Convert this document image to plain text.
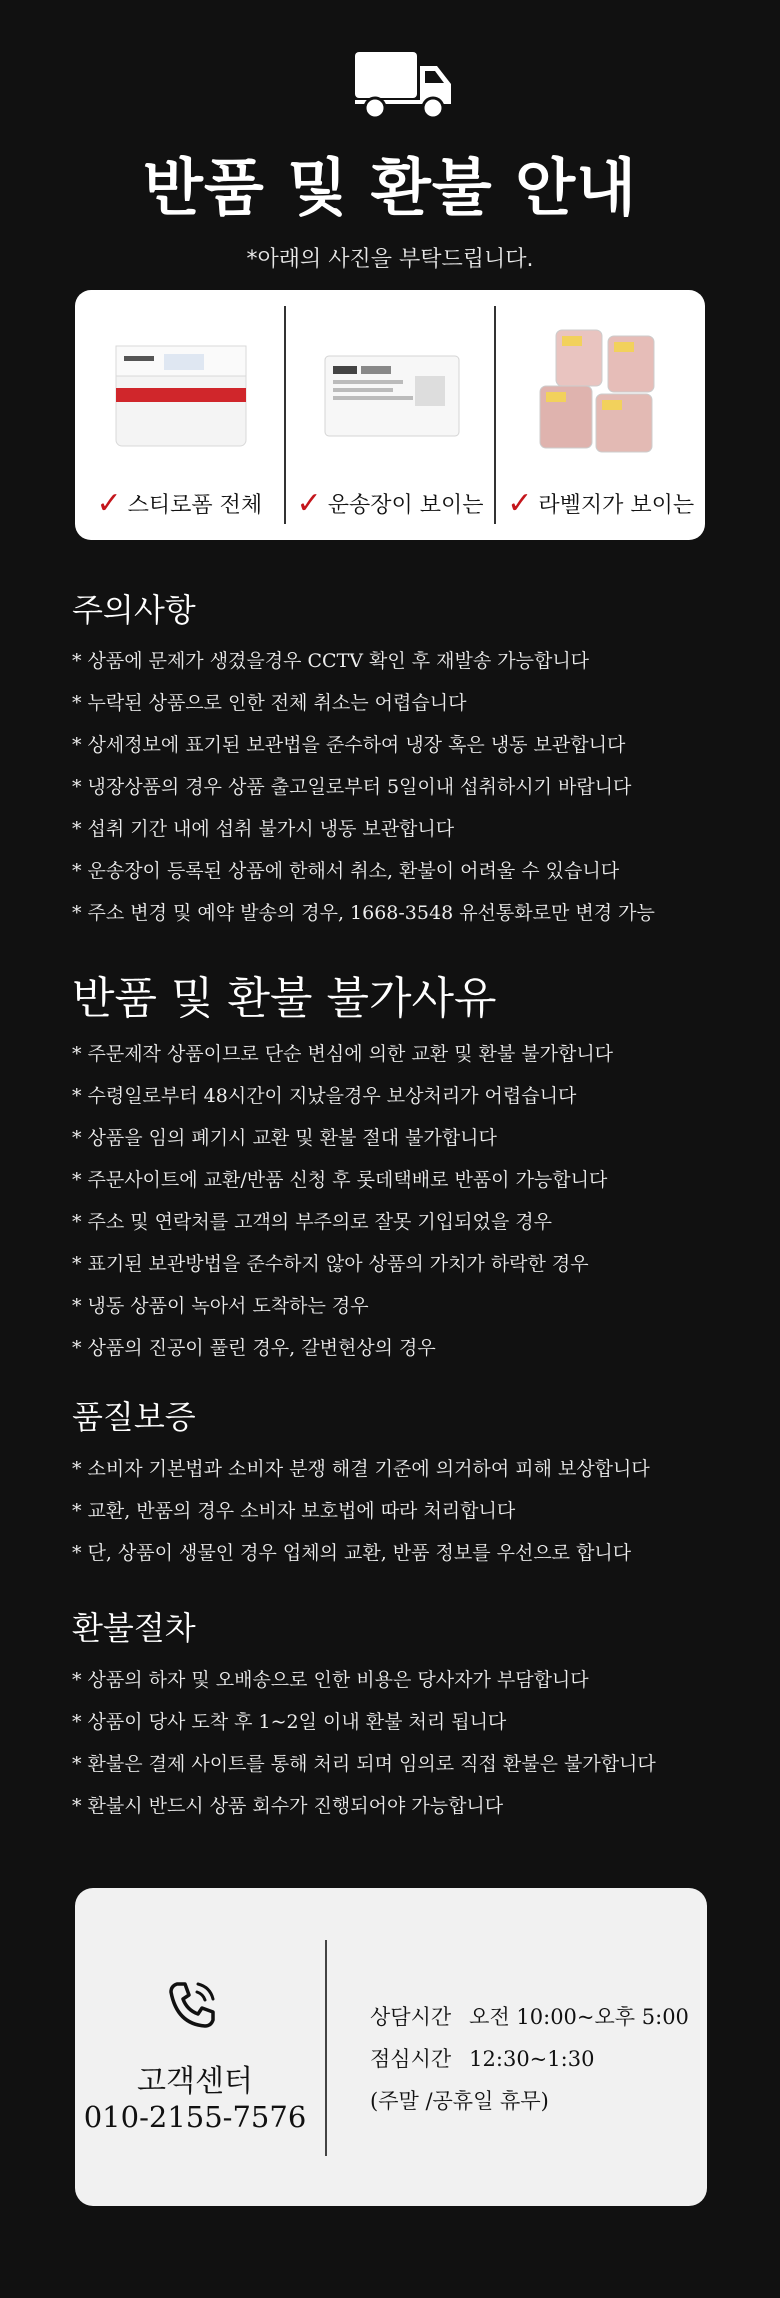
반품 및 환불 안내
*아래의 사진을 부탁드립니다.
✓ 스티로폼 전체 ✓ 운송장이 보이는 ✓ 라벨지가 보이는
주의사항
* 상품에 문제가 생겼을경우 CCTV 확인 후 재발송 가능합니다
* 누락된 상품으로 인한 전체 취소는 어렵습니다
* 상세정보에 표기된 보관법을 준수하여 냉장 혹은 냉동 보관합니다
* 냉장상품의 경우 상품 출고일로부터 5일이내 섭취하시기 바랍니다
* 섭취 기간 내에 섭취 불가시 냉동 보관합니다
* 운송장이 등록된 상품에 한해서 취소, 환불이 어려울 수 있습니다
* 주소 변경 및 예약 발송의 경우, 1668-3548 유선통화로만 변경 가능
반품 및 환불 불가사유
* 주문제작 상품이므로 단순 변심에 의한 교환 및 환불 불가합니다
* 수령일로부터 48시간이 지났을경우 보상처리가 어렵습니다
* 상품을 임의 폐기시 교환 및 환불 절대 불가합니다
* 주문사이트에 교환/반품 신청 후 롯데택배로 반품이 가능합니다
* 주소 및 연락처를 고객의 부주의로 잘못 기입되었을 경우
* 표기된 보관방법을 준수하지 않아 상품의 가치가 하락한 경우
* 냉동 상품이 녹아서 도착하는 경우
* 상품의 진공이 풀린 경우, 갈변현상의 경우
품질보증
* 소비자 기본법과 소비자 분쟁 해결 기준에 의거하여 피해 보상합니다
* 교환, 반품의 경우 소비자 보호법에 따라 처리합니다
* 단, 상품이 생물인 경우 업체의 교환, 반품 정보를 우선으로 합니다
환불절차
* 상품의 하자 및 오배송으로 인한 비용은 당사자가 부담합니다
* 상품이 당사 도착 후 1~2일 이내 환불 처리 됩니다
* 환불은 결제 사이트를 통해 처리 되며 임의로 직접 환불은 불가합니다
* 환불시 반드시 상품 회수가 진행되어야 가능합니다
고객센터
010-2155-7576
상담시간 오전 10:00~오후 5:00
점심시간 12:30~1:30
(주말 /공휴일 휴무)
